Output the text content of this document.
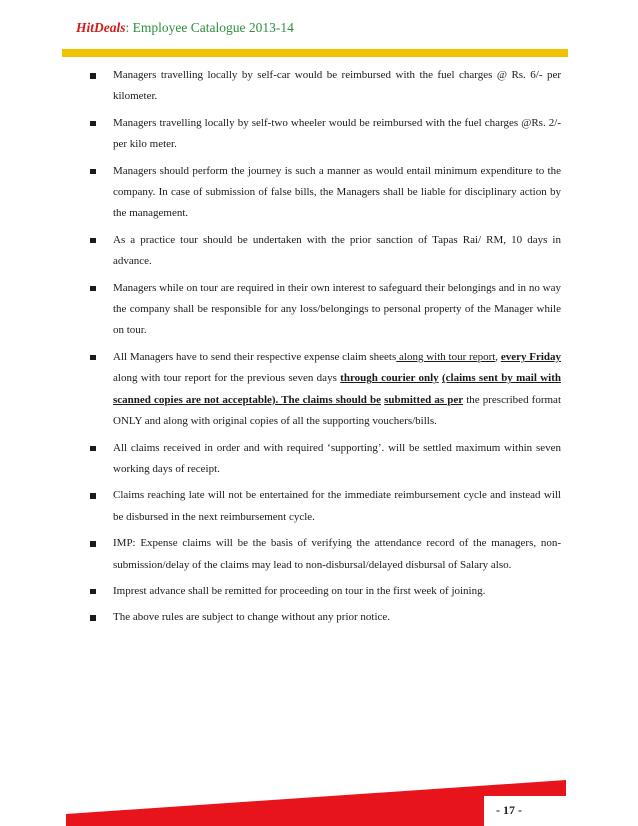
HitDeals: Employee Catalogue 2013-14
Managers travelling locally by self-car would be reimbursed with the fuel charges @ Rs. 6/- per kilometer.
Managers travelling locally by self-two wheeler would be reimbursed with the fuel charges @Rs. 2/- per kilo meter.
Managers should perform the journey is such a manner as would entail minimum expenditure to the company. In case of submission of false bills, the Managers shall be liable for disciplinary action by the management.
As a practice tour should be undertaken with the prior sanction of Tapas Rai/ RM, 10 days in advance.
Managers while on tour are required in their own interest to safeguard their belongings and in no way the company shall be responsible for any loss/belongings to personal property of the Manager while on tour.
All Managers have to send their respective expense claim sheets along with tour report, every Friday along with tour report for the previous seven days through courier only (claims sent by mail with scanned copies are not acceptable). The claims should be submitted as per the prescribed format ONLY and along with original copies of all the supporting vouchers/bills.
All claims received in order and with required ‘supporting’. will be settled maximum within seven working days of receipt.
Claims reaching late will not be entertained for the immediate reimbursement cycle and instead will be disbursed in the next reimbursement cycle.
IMP: Expense claims will be the basis of verifying the attendance record of the managers, non-submission/delay of the claims may lead to non-disbursal/delayed disbursal of Salary also.
Imprest advance shall be remitted for proceeding on tour in the first week of joining.
The above rules are subject to change without any prior notice.
- 17 -
